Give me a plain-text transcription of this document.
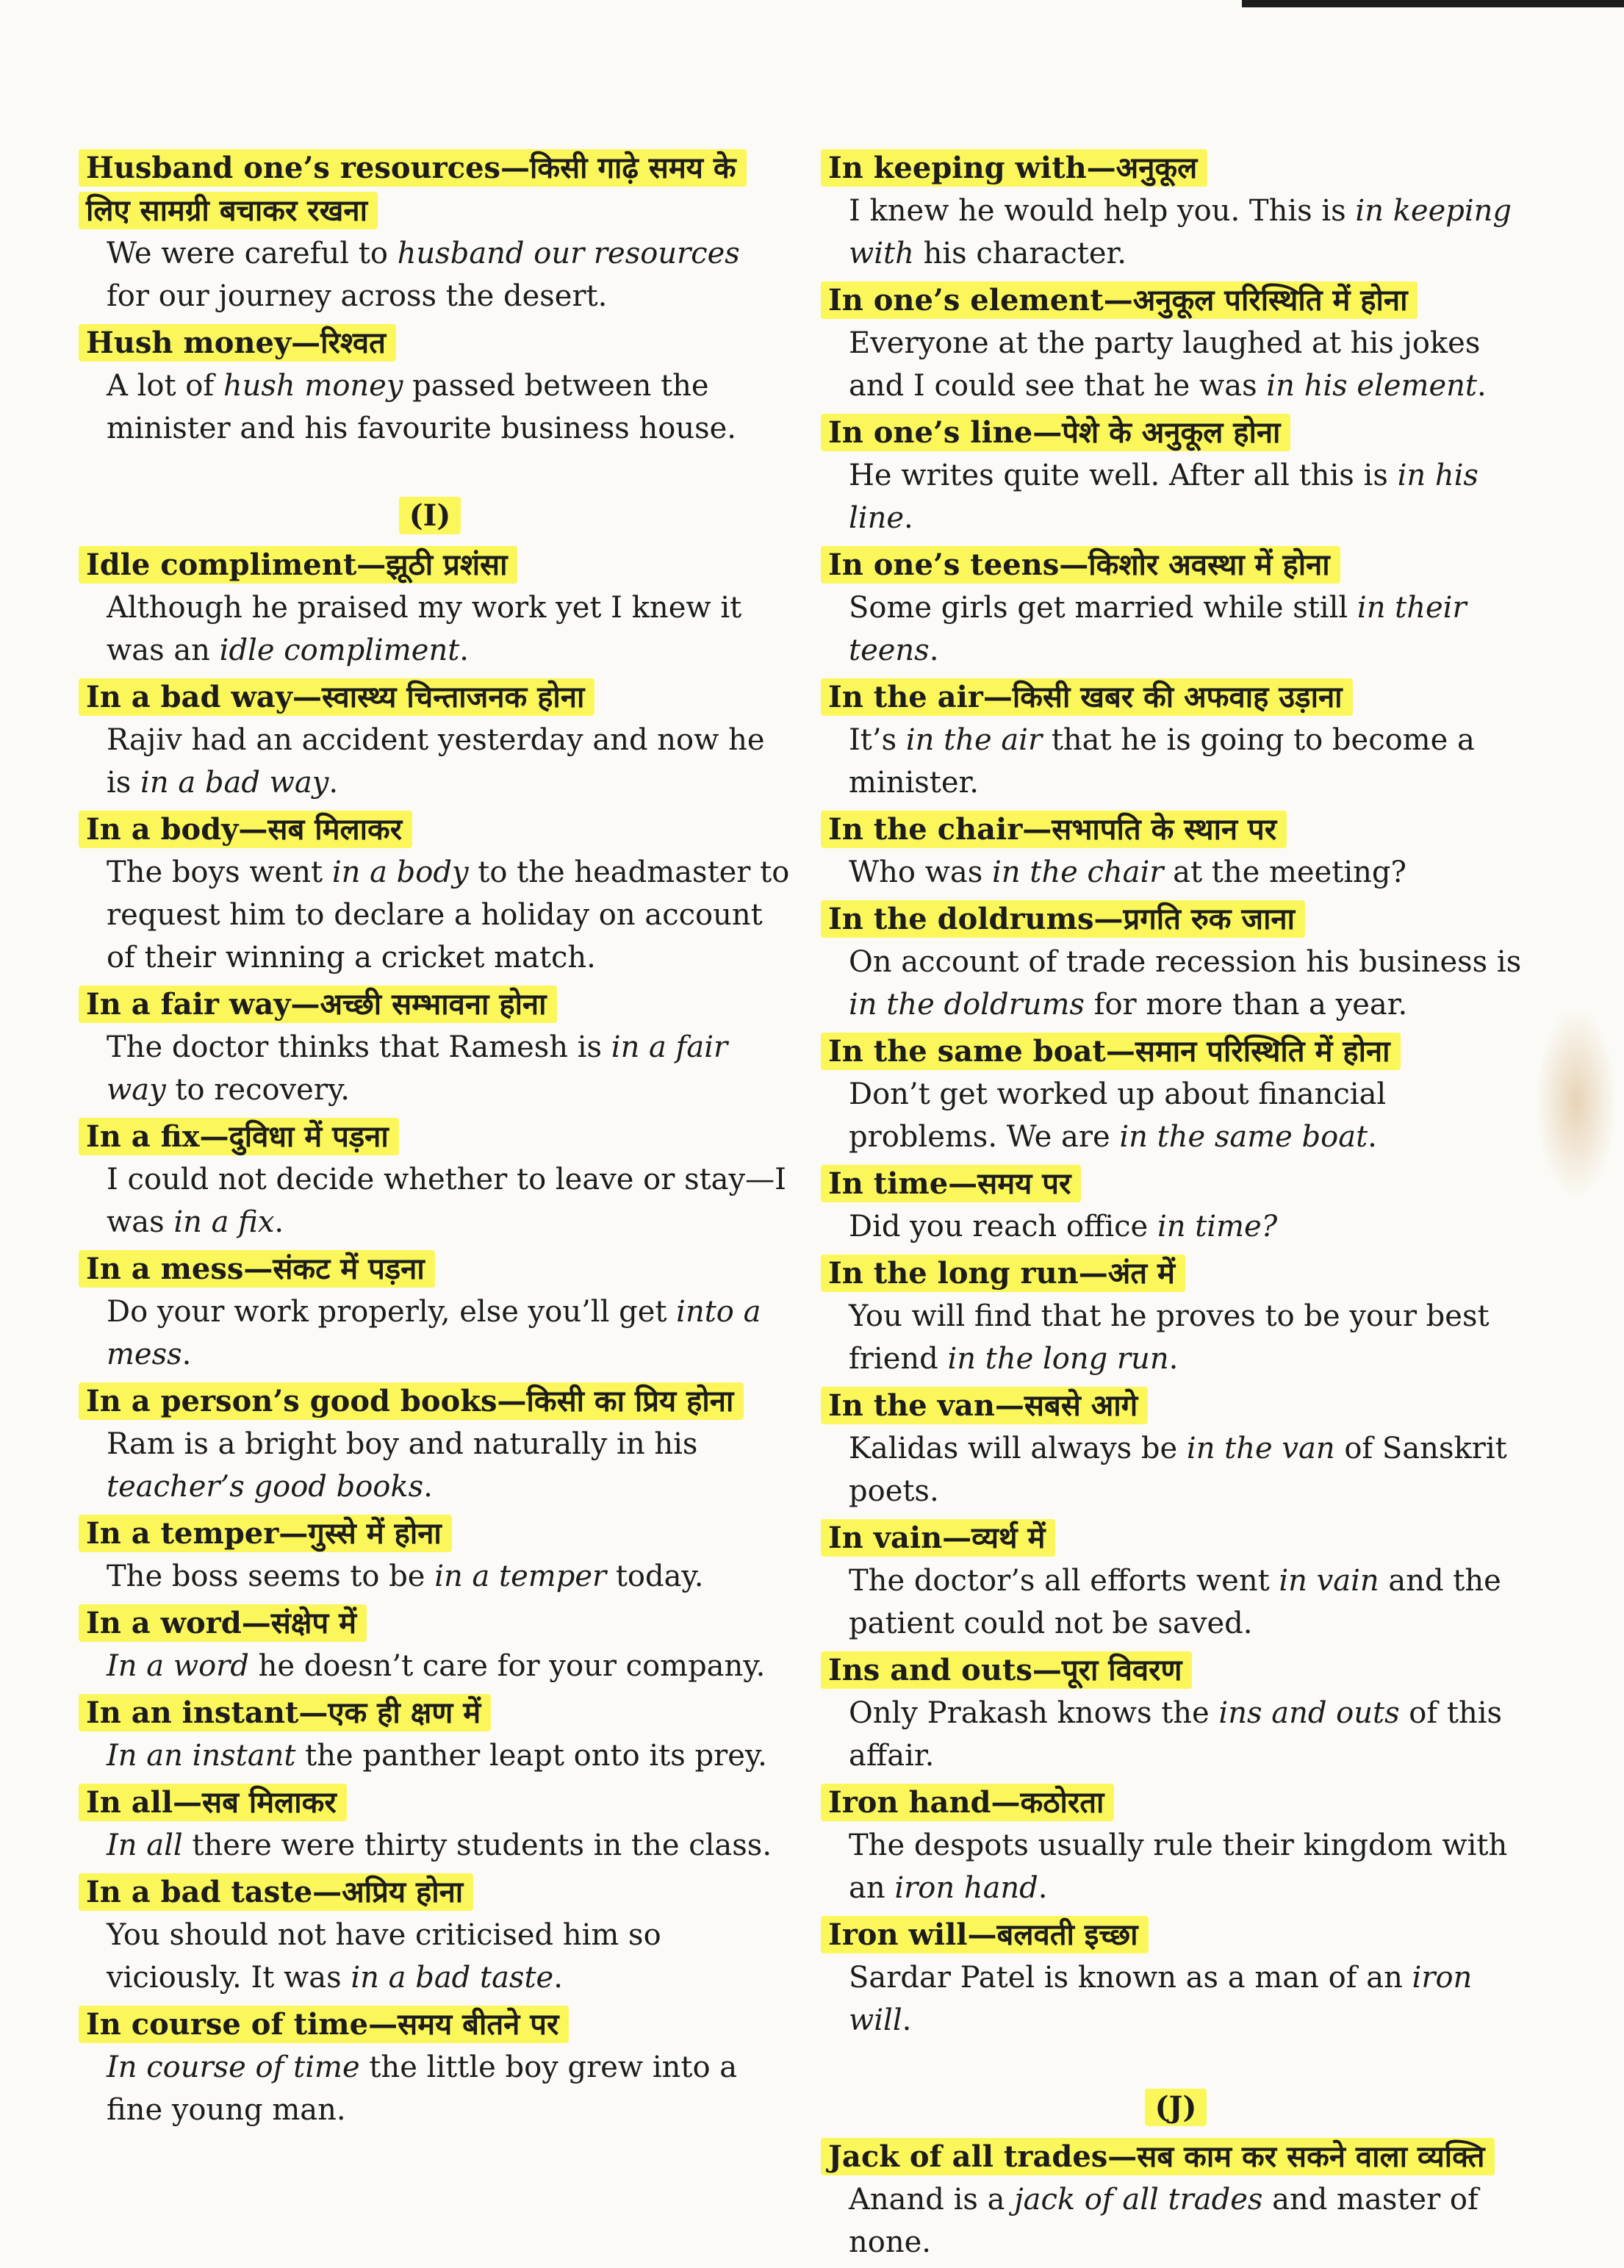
Husband one’s resources—किसी गाढ़े समय के लिए सामग्री बचाकर रखना
We were careful to husband our resources for our journey across the desert.
Hush money—रिश्वत
A lot of hush money passed between the minister and his favourite business house.
(I)
Idle compliment—झूठी प्रशंसा
Although he praised my work yet I knew it was an idle compliment.
In a bad way—स्वास्थ्य चिन्ताजनक होना
Rajiv had an accident yesterday and now he is in a bad way.
In a body—सब मिलाकर
The boys went in a body to the headmaster to request him to declare a holiday on account of their winning a cricket match.
In a fair way—अच्छी सम्भावना होना
The doctor thinks that Ramesh is in a fair way to recovery.
In a fix—दुविधा में पड़ना
I could not decide whether to leave or stay—I was in a fix.
In a mess—संकट में पड़ना
Do your work properly, else you’ll get into a mess.
In a person’s good books—किसी का प्रिय होना
Ram is a bright boy and naturally in his teacher’s good books.
In a temper—गुस्से में होना
The boss seems to be in a temper today.
In a word—संक्षेप में
In a word he doesn’t care for your company.
In an instant—एक ही क्षण में
In an instant the panther leapt onto its prey.
In all—सब मिलाकर
In all there were thirty students in the class.
In a bad taste—अप्रिय होना
You should not have criticised him so viciously. It was in a bad taste.
In course of time—समय बीतने पर
In course of time the little boy grew into a fine young man.
In keeping with—अनुकूल
I knew he would help you. This is in keeping with his character.
In one’s element—अनुकूल परिस्थिति में होना
Everyone at the party laughed at his jokes and I could see that he was in his element.
In one’s line—पेशे के अनुकूल होना
He writes quite well. After all this is in his line.
In one’s teens—किशोर अवस्था में होना
Some girls get married while still in their teens.
In the air—किसी खबर की अफवाह उड़ाना
It’s in the air that he is going to become a minister.
In the chair—सभापति के स्थान पर
Who was in the chair at the meeting?
In the doldrums—प्रगति रुक जाना
On account of trade recession his business is in the doldrums for more than a year.
In the same boat—समान परिस्थिति में होना
Don’t get worked up about financial problems. We are in the same boat.
In time—समय पर
Did you reach office in time?
In the long run—अंत में
You will find that he proves to be your best friend in the long run.
In the van—सबसे आगे
Kalidas will always be in the van of Sanskrit poets.
In vain—व्यर्थ में
The doctor’s all efforts went in vain and the patient could not be saved.
Ins and outs—पूरा विवरण
Only Prakash knows the ins and outs of this affair.
Iron hand—कठोरता
The despots usually rule their kingdom with an iron hand.
Iron will—बलवती इच्छा
Sardar Patel is known as a man of an iron will.
(J)
Jack of all trades—सब काम कर सकने वाला व्यक्ति
Anand is a jack of all trades and master of none.
